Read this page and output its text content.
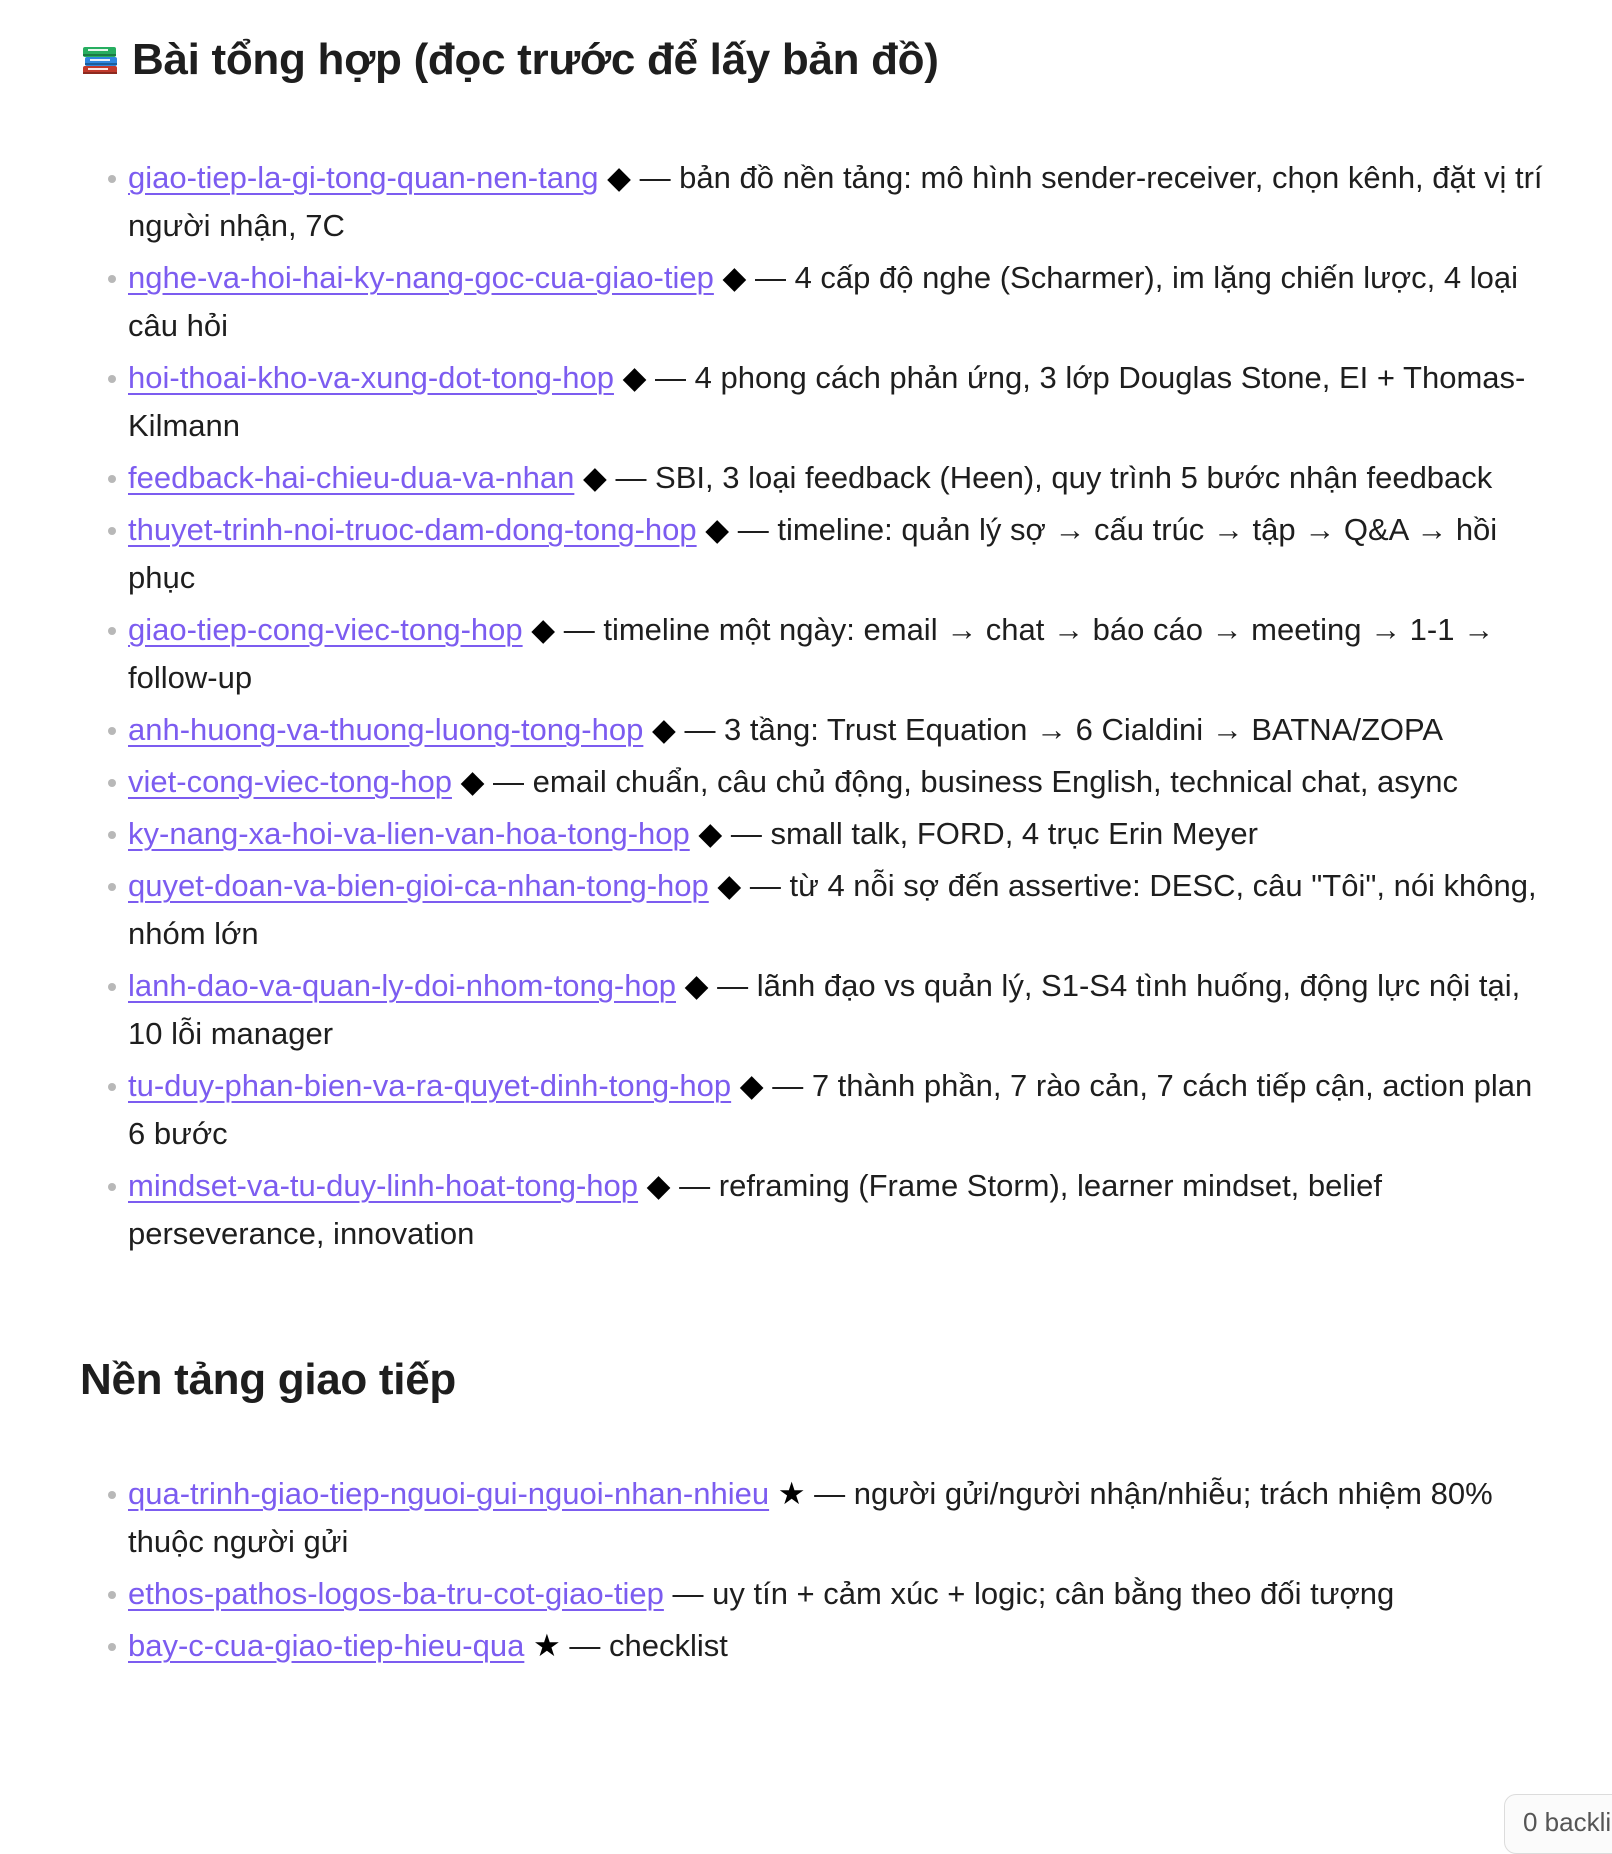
Bài tổng hợp (đọc trước để lấy bản đồ)
giao-tiep-la-gi-tong-quan-nen-tang ◆ — bản đồ nền tảng: mô hình sender-receiver, chọn kênh, đặt vị trí người nhận, 7C
nghe-va-hoi-hai-ky-nang-goc-cua-giao-tiep ◆ — 4 cấp độ nghe (Scharmer), im lặng chiến lược, 4 loại câu hỏi
hoi-thoai-kho-va-xung-dot-tong-hop ◆ — 4 phong cách phản ứng, 3 lớp Douglas Stone, EI + Thomas-Kilmann
feedback-hai-chieu-dua-va-nhan ◆ — SBI, 3 loại feedback (Heen), quy trình 5 bước nhận feedback
thuyet-trinh-noi-truoc-dam-dong-tong-hop ◆ — timeline: quản lý sợ → cấu trúc → tập → Q&A → hồi phục
giao-tiep-cong-viec-tong-hop ◆ — timeline một ngày: email → chat → báo cáo → meeting → 1-1 → follow-up
anh-huong-va-thuong-luong-tong-hop ◆ — 3 tầng: Trust Equation → 6 Cialdini → BATNA/ZOPA
viet-cong-viec-tong-hop ◆ — email chuẩn, câu chủ động, business English, technical chat, async
ky-nang-xa-hoi-va-lien-van-hoa-tong-hop ◆ — small talk, FORD, 4 trục Erin Meyer
quyet-doan-va-bien-gioi-ca-nhan-tong-hop ◆ — từ 4 nỗi sợ đến assertive: DESC, câu "Tôi", nói không, nhóm lớn
lanh-dao-va-quan-ly-doi-nhom-tong-hop ◆ — lãnh đạo vs quản lý, S1-S4 tình huống, động lực nội tại, 10 lỗi manager
tu-duy-phan-bien-va-ra-quyet-dinh-tong-hop ◆ — 7 thành phần, 7 rào cản, 7 cách tiếp cận, action plan 6 bước
mindset-va-tu-duy-linh-hoat-tong-hop ◆ — reframing (Frame Storm), learner mindset, belief perseverance, innovation
Nền tảng giao tiếp
qua-trinh-giao-tiep-nguoi-gui-nguoi-nhan-nhieu ★ — người gửi/người nhận/nhiễu; trách nhiệm 80% thuộc người gửi
ethos-pathos-logos-ba-tru-cot-giao-tiep — uy tín + cảm xúc + logic; cân bằng theo đối tượng
bay-c-cua-giao-tiep-hieu-qua ★ — checklist
0 backli
